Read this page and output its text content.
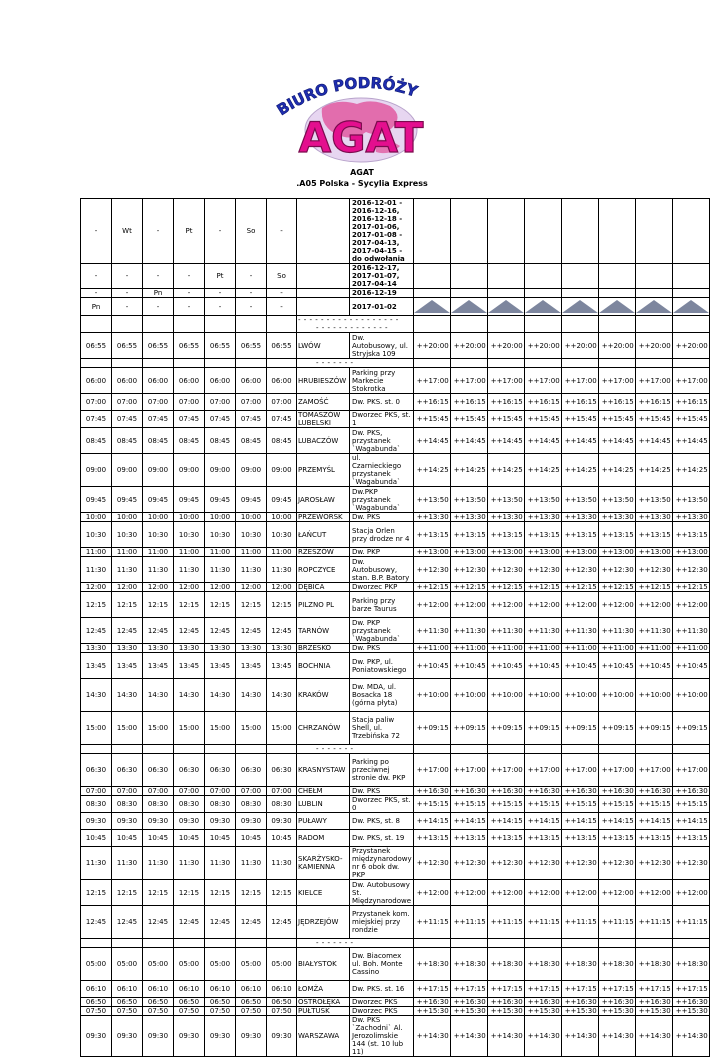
BIURO PODRÓŻY
AGAT
AGAT
.A05 Polska - Sycylia Express
-	Wt	-	Pt	-	So	-		2016-12-01 - 2016-12-16, 2016-12-18 - 2017-01-06, 2017-01-08 - 2017-04-13, 2017-04-15 - do odwołania								
-	-	-	-	Pt	-	So		2016-12-17, 2017-01-07, 2017-04-14								
-	-	Pn	-	-	-	-		2016-12-19								
Pn	-	-	-	-	-	-		2017-01-02	

							- - - - - - - - - - - - - - - - - -
- - - - - - - - - - - - -									

06:55	06:55	06:55	06:55	06:55	06:55	06:55	LWÓW	Dw. Autobusowy, ul. Stryjska 109	++20:00	++20:00	++20:00	++20:00	++20:00	++20:00	++20:00	++20:00

- - - - - - -									

06:00	06:00	06:00	06:00	06:00	06:00	06:00	HRUBIESZÓW	Parking przy Markecie Stokrotka	++17:00	++17:00	++17:00	++17:00	++17:00	++17:00	++17:00	++17:00
07:00	07:00	07:00	07:00	07:00	07:00	07:00	ZAMOŚĆ	Dw. PKS. st. 0	++16:15	++16:15	++16:15	++16:15	++16:15	++16:15	++16:15	++16:15
07:45	07:45	07:45	07:45	07:45	07:45	07:45	TOMASZÓW LUBELSKI	Dworzec PKS, st. 1	++15:45	++15:45	++15:45	++15:45	++15:45	++15:45	++15:45	++15:45
08:45	08:45	08:45	08:45	08:45	08:45	08:45	LUBACZÓW	Dw. PKS, przystanek `Wagabunda`	++14:45	++14:45	++14:45	++14:45	++14:45	++14:45	++14:45	++14:45
09:00	09:00	09:00	09:00	09:00	09:00	09:00	PRZEMYŚL	ul. Czarnieckiego przystanek `Wagabunda`	++14:25	++14:25	++14:25	++14:25	++14:25	++14:25	++14:25	++14:25
09:45	09:45	09:45	09:45	09:45	09:45	09:45	JAROSŁAW	Dw.PKP przystanek `Wagabunda`	++13:50	++13:50	++13:50	++13:50	++13:50	++13:50	++13:50	++13:50
10:00	10:00	10:00	10:00	10:00	10:00	10:00	PRZEWORSK	Dw. PKS	++13:30	++13:30	++13:30	++13:30	++13:30	++13:30	++13:30	++13:30
10:30	10:30	10:30	10:30	10:30	10:30	10:30	ŁAŃCUT	Stacja Orlen przy drodze nr 4	++13:15	++13:15	++13:15	++13:15	++13:15	++13:15	++13:15	++13:15
11:00	11:00	11:00	11:00	11:00	11:00	11:00	RZESZÓW	Dw. PKP	++13:00	++13:00	++13:00	++13:00	++13:00	++13:00	++13:00	++13:00
11:30	11:30	11:30	11:30	11:30	11:30	11:30	ROPCZYCE	Dw. Autobusowy, stan. B.P. Batory	++12:30	++12:30	++12:30	++12:30	++12:30	++12:30	++12:30	++12:30
12:00	12:00	12:00	12:00	12:00	12:00	12:00	DĘBICA	Dworzec PKP	++12:15	++12:15	++12:15	++12:15	++12:15	++12:15	++12:15	++12:15
12:15	12:15	12:15	12:15	12:15	12:15	12:15	PILZNO PL	Parking przy barze Taurus	++12:00	++12:00	++12:00	++12:00	++12:00	++12:00	++12:00	++12:00
12:45	12:45	12:45	12:45	12:45	12:45	12:45	TARNÓW	Dw. PKP przystanek `Wagabunda`	++11:30	++11:30	++11:30	++11:30	++11:30	++11:30	++11:30	++11:30
13:30	13:30	13:30	13:30	13:30	13:30	13:30	BRZESKO	Dw. PKS	++11:00	++11:00	++11:00	++11:00	++11:00	++11:00	++11:00	++11:00
13:45	13:45	13:45	13:45	13:45	13:45	13:45	BOCHNIA	Dw. PKP, ul. Poniatowskiego	++10:45	++10:45	++10:45	++10:45	++10:45	++10:45	++10:45	++10:45
14:30	14:30	14:30	14:30	14:30	14:30	14:30	KRAKÓW	Dw. MDA, ul. Bosacka 18 (górna płyta)	++10:00	++10:00	++10:00	++10:00	++10:00	++10:00	++10:00	++10:00
15:00	15:00	15:00	15:00	15:00	15:00	15:00	CHRZANÓW	Stacja paliw Shell, ul. Trzebińska 72	++09:15	++09:15	++09:15	++09:15	++09:15	++09:15	++09:15	++09:15

- - - - - - -									

06:30	06:30	06:30	06:30	06:30	06:30	06:30	KRASNYSTAW	Parking po przeciwnej stronie dw. PKP	++17:00	++17:00	++17:00	++17:00	++17:00	++17:00	++17:00	++17:00
07:00	07:00	07:00	07:00	07:00	07:00	07:00	CHEŁM	Dw. PKS	++16:30	++16:30	++16:30	++16:30	++16:30	++16:30	++16:30	++16:30
08:30	08:30	08:30	08:30	08:30	08:30	08:30	LUBLIN	Dworzec PKS, st. 0	++15:15	++15:15	++15:15	++15:15	++15:15	++15:15	++15:15	++15:15
09:30	09:30	09:30	09:30	09:30	09:30	09:30	PUŁAWY	Dw. PKS, st. 8	++14:15	++14:15	++14:15	++14:15	++14:15	++14:15	++14:15	++14:15
10:45	10:45	10:45	10:45	10:45	10:45	10:45	RADOM	Dw. PKS, st. 19	++13:15	++13:15	++13:15	++13:15	++13:15	++13:15	++13:15	++13:15
11:30	11:30	11:30	11:30	11:30	11:30	11:30	SKARŻYSKO-KAMIENNA	Przystanek międzynarodowy nr 6 obok dw. PKP	++12:30	++12:30	++12:30	++12:30	++12:30	++12:30	++12:30	++12:30
12:15	12:15	12:15	12:15	12:15	12:15	12:15	KIELCE	Dw. Autobusowy St. Międzynarodowe	++12:00	++12:00	++12:00	++12:00	++12:00	++12:00	++12:00	++12:00
12:45	12:45	12:45	12:45	12:45	12:45	12:45	JĘDRZEJÓW	Przystanek kom. miejskiej przy rondzie	++11:15	++11:15	++11:15	++11:15	++11:15	++11:15	++11:15	++11:15

- - - - - - -									

05:00	05:00	05:00	05:00	05:00	05:00	05:00	BIAŁYSTOK	Dw. Biacomex ul. Boh. Monte Cassino	++18:30	++18:30	++18:30	++18:30	++18:30	++18:30	++18:30	++18:30
06:10	06:10	06:10	06:10	06:10	06:10	06:10	ŁOMŻA	Dw. PKS. st. 16	++17:15	++17:15	++17:15	++17:15	++17:15	++17:15	++17:15	++17:15
06:50	06:50	06:50	06:50	06:50	06:50	06:50	OSTROŁĘKA	Dworzec PKS	++16:30	++16:30	++16:30	++16:30	++16:30	++16:30	++16:30	++16:30
07:50	07:50	07:50	07:50	07:50	07:50	07:50	PUŁTUSK	Dworzec PKS	++15:30	++15:30	++15:30	++15:30	++15:30	++15:30	++15:30	++15:30
09:30	09:30	09:30	09:30	09:30	09:30	09:30	WARSZAWA	Dw. PKS `Zachodni` Al. Jerozolimskie 144 (st. 10 lub 11)	++14:30	++14:30	++14:30	++14:30	++14:30	++14:30	++14:30	++14:30
